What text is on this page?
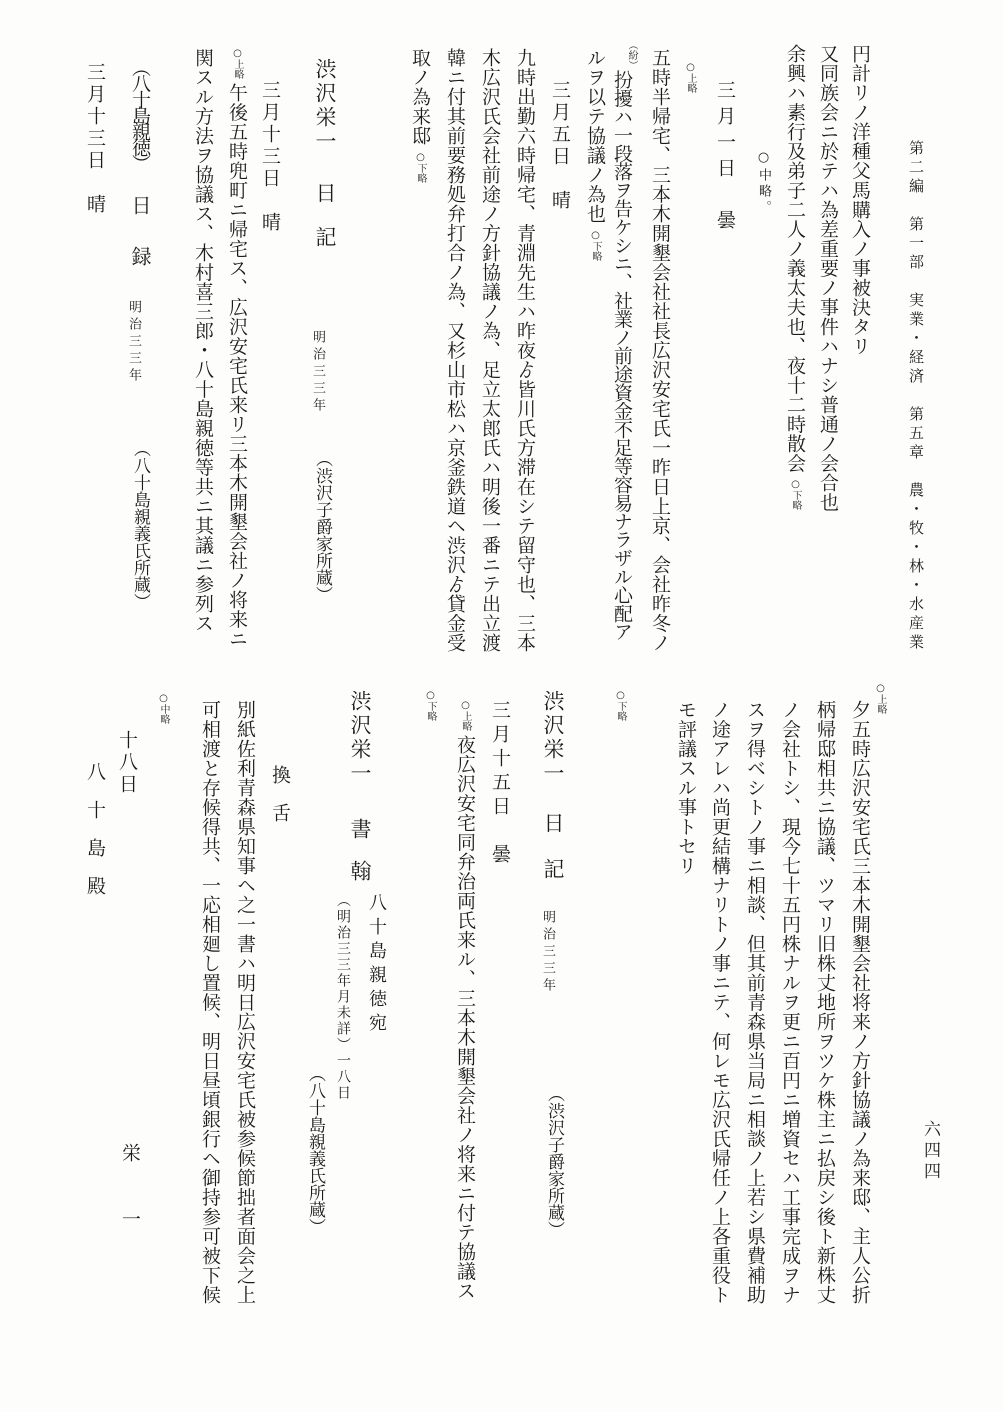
第二編　第一部　実業・経済　第五章　農・牧・林・水産業
円計リノ洋種父馬購入ノ事被決タリ
又同族会ニ於テハ為差重要ノ事件ハナシ普通ノ会合也
余興ハ素行及弟子二人ノ義太夫也、夜十二時散会○下略
○中略。
三月一日　曇
○上略
五時半帰宅、三本木開墾会社社長広沢安宅氏一昨日上京、会社昨冬ノ
（紛）
扮擾ハ一段落ヲ告ケシニ、社業ノ前途資金不足等容易ナラザル心配ア
ルヲ以テ協議ノ為也○下略
三月五日　晴
九時出勤六時帰宅、青淵先生ハ昨夜ゟ皆川氏方滞在シテ留守也、三本
木広沢氏会社前途ノ方針協議ノ為、足立太郎氏ハ明後一番ニテ出立渡
韓ニ付其前要務処弁打合ノ為、又杉山市松ハ京釜鉄道ヘ渋沢ゟ貸金受
取ノ為来邸○下略
渋沢栄一
日
記
明治三三年
（渋沢子爵家所蔵）
三月十三日　晴
○上略午後五時兜町ニ帰宅ス、広沢安宅氏来リ三本木開墾会社ノ将来ニ
関スル方法ヲ協議ス、木村喜三郎・八十島親徳等共ニ其議ニ参列ス
（八十島親徳）
日
録
明治三三年
（八十島親義氏所蔵）
三月十三日　晴
六四四
○上略
夕五時広沢安宅氏三本木開墾会社将来ノ方針協議ノ為来邸、主人公折
柄帰邸相共ニ協議、ツマリ旧株丈地所ヲツケ株主ニ払戻シ後ト新株丈
ノ会社トシ、現今七十五円株ナルヲ更ニ百円ニ増資セハ工事完成ヲナ
スヲ得ベシトノ事ニ相談、但其前青森県当局ニ相談ノ上若シ県費補助
ノ途アレハ尚更結構ナリトノ事ニテ、何レモ広沢氏帰任ノ上各重役ト
モ評議スル事トセリ
○下略
渋沢栄一
日
記
明治三三年
（渋沢子爵家所蔵）
三月十五日　曇
○上略夜広沢安宅同弁治両氏来ル、三本木開墾会社ノ将来ニ付テ協議ス
○下略
渋沢栄一
書
翰
八十島親徳宛
（明治三三年月未詳）一八日
（八十島親義氏所蔵）
換　舌
別紙佐利青森県知事ヘ之一書ハ明日広沢安宅氏被参候節拙者面会之上
可相渡と存候得共、一応相廻し置候、明日昼頃銀行ヘ御持参可被下候
○中略
十八日
栄　一
八　十　島　殿
